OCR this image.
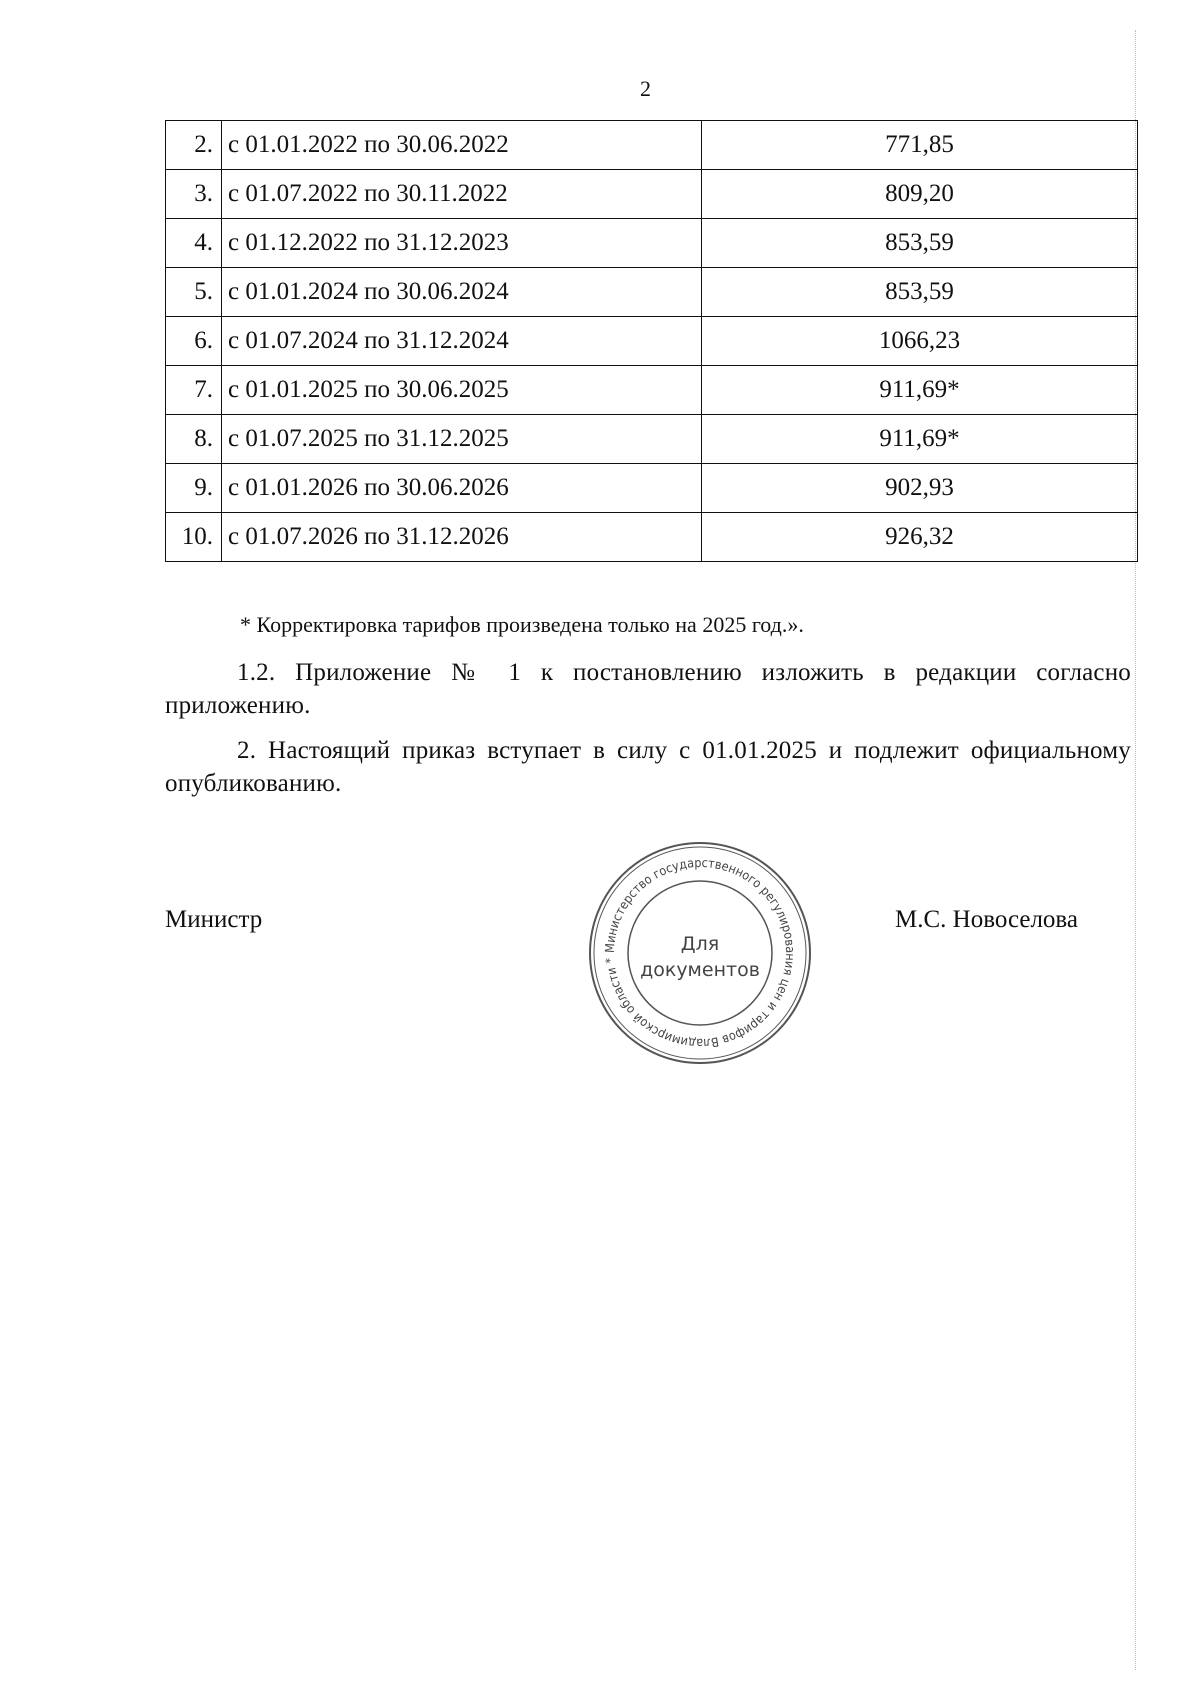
2
2.	с 01.01.2022 по 30.06.2022	771,85
3.	с 01.07.2022 по 30.11.2022	809,20
4.	с 01.12.2022 по 31.12.2023	853,59
5.	с 01.01.2024 по 30.06.2024	853,59
6.	с 01.07.2024 по 31.12.2024	1066,23
7.	с 01.01.2025 по 30.06.2025	911,69*
8.	с 01.07.2025 по 31.12.2025	911,69*
9.	с 01.01.2026 по 30.06.2026	902,93
10.	с 01.07.2026 по 31.12.2026	926,32
* Корректировка тарифов произведена только на 2025 год.».
1.2. Приложение № 1 к постановлению изложить в редакции согласно приложению.
2. Настоящий приказ вступает в силу с 01.01.2025 и подлежит официальному опубликованию.
Министр	М.С. Новоселова
Министерство государственного регулирования цен и тарифов Владимирской области *
Для
документов
